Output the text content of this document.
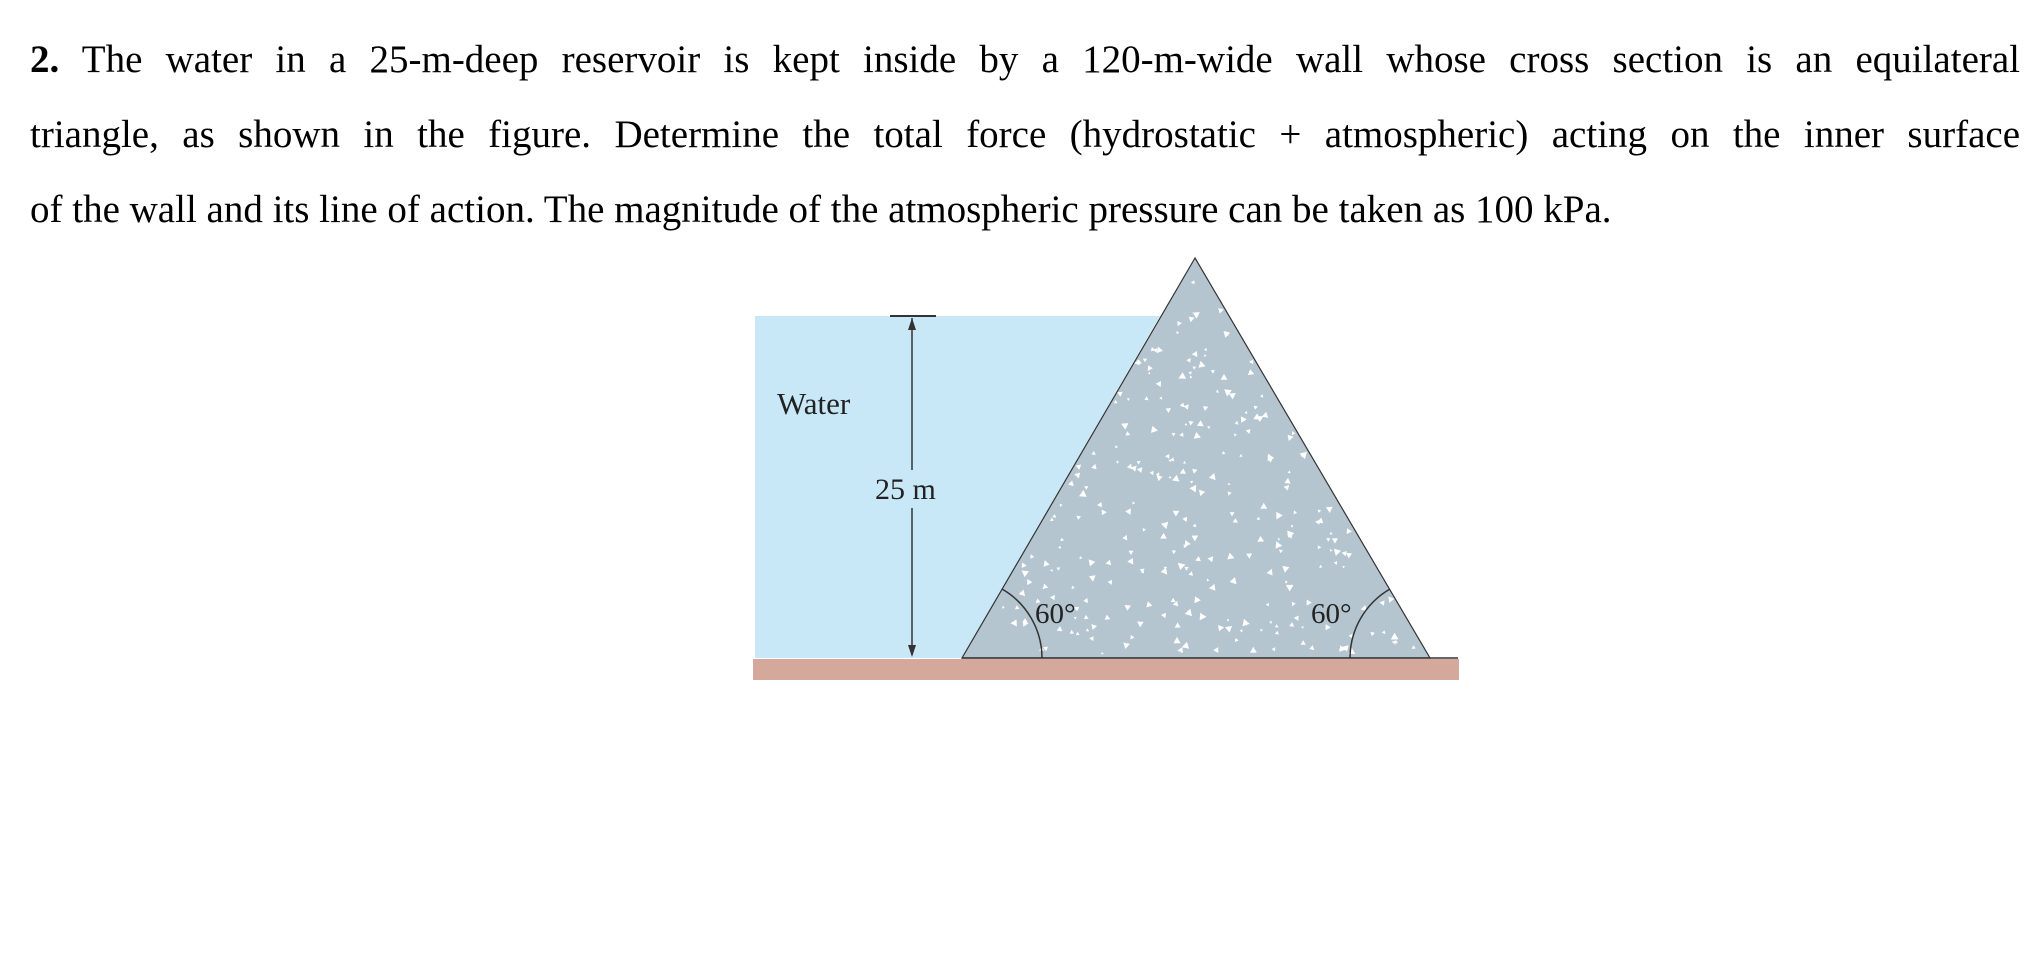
2. The water in a 25-m-deep reservoir is kept inside by a 120-m-wide wall whose cross section is an equilateral
triangle, as shown in the figure. Determine the total force (hydrostatic + atmospheric) acting on the inner surface
of the wall and its line of action. The magnitude of the atmospheric pressure can be taken as 100 kPa.
25 m
Water
60°	60°
